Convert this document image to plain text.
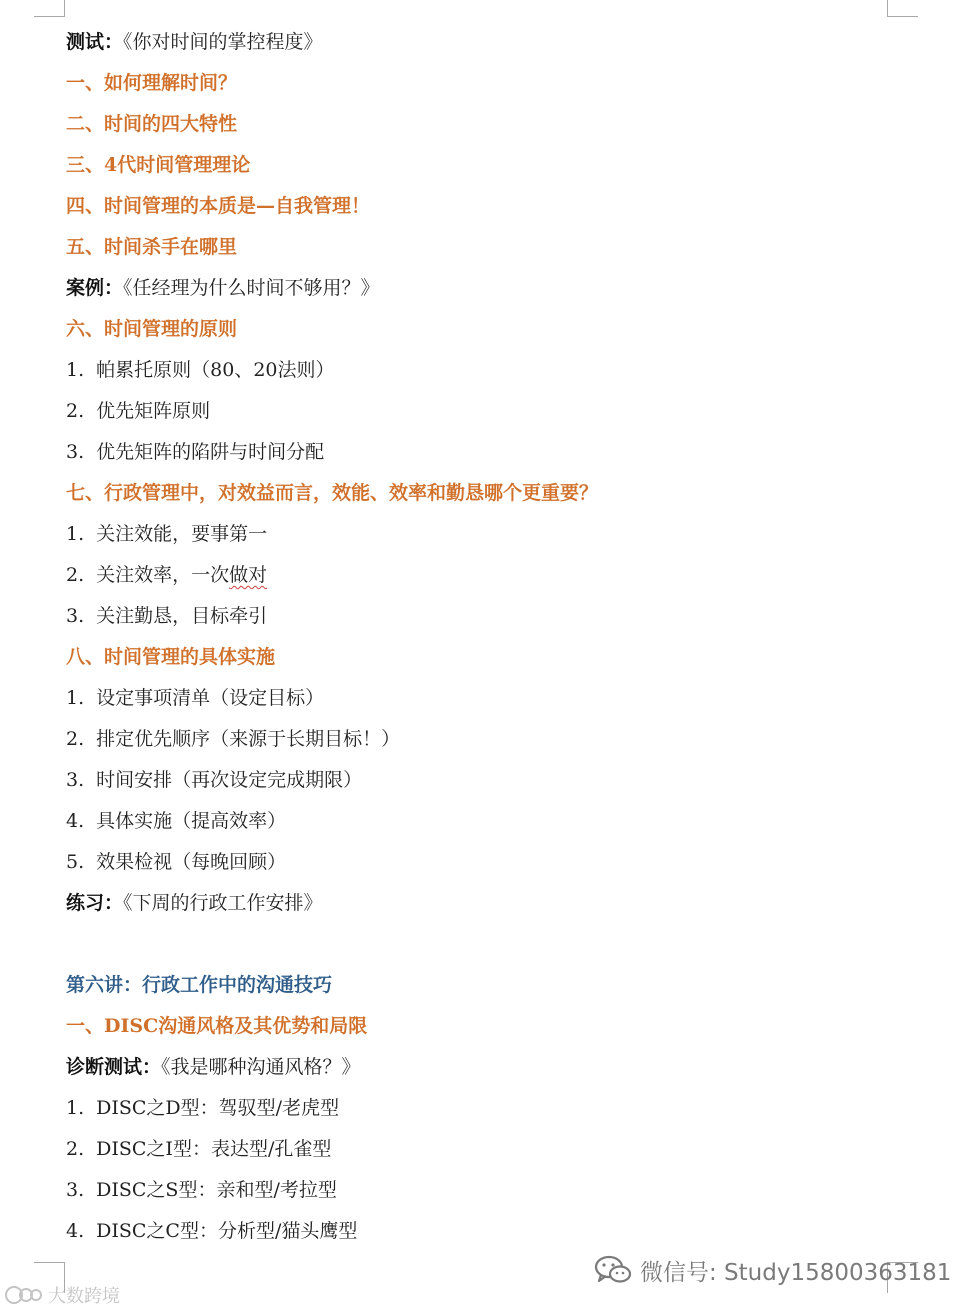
测试：《你对时间的掌控程度》
一、如何理解时间？
二、时间的四大特性
三、4代时间管理理论
四、时间管理的本质是—自我管理！
五、时间杀手在哪里
案例：《任经理为什么时间不够用？》
六、时间管理的原则
1. 帕累托原则（80、20法则）
2. 优先矩阵原则
3. 优先矩阵的陷阱与时间分配
七、行政管理中，对效益而言，效能、效率和勤恳哪个更重要？
1. 关注效能，要事第一
2. 关注效率，一次做对
3. 关注勤恳，目标牵引
八、时间管理的具体实施
1. 设定事项清单（设定目标）
2. 排定优先顺序（来源于长期目标！）
3. 时间安排（再次设定完成期限）
4. 具体实施（提高效率）
5. 效果检视（每晚回顾）
练习：《下周的行政工作安排》
第六讲：行政工作中的沟通技巧
一、DISC沟通风格及其优势和局限
诊断测试：《我是哪种沟通风格？》
1. DISC之D型：驾驭型/老虎型
2. DISC之I型：表达型/孔雀型
3. DISC之S型：亲和型/考拉型
4. DISC之C型：分析型/猫头鹰型
大数跨境
微信号: Study15800363181
